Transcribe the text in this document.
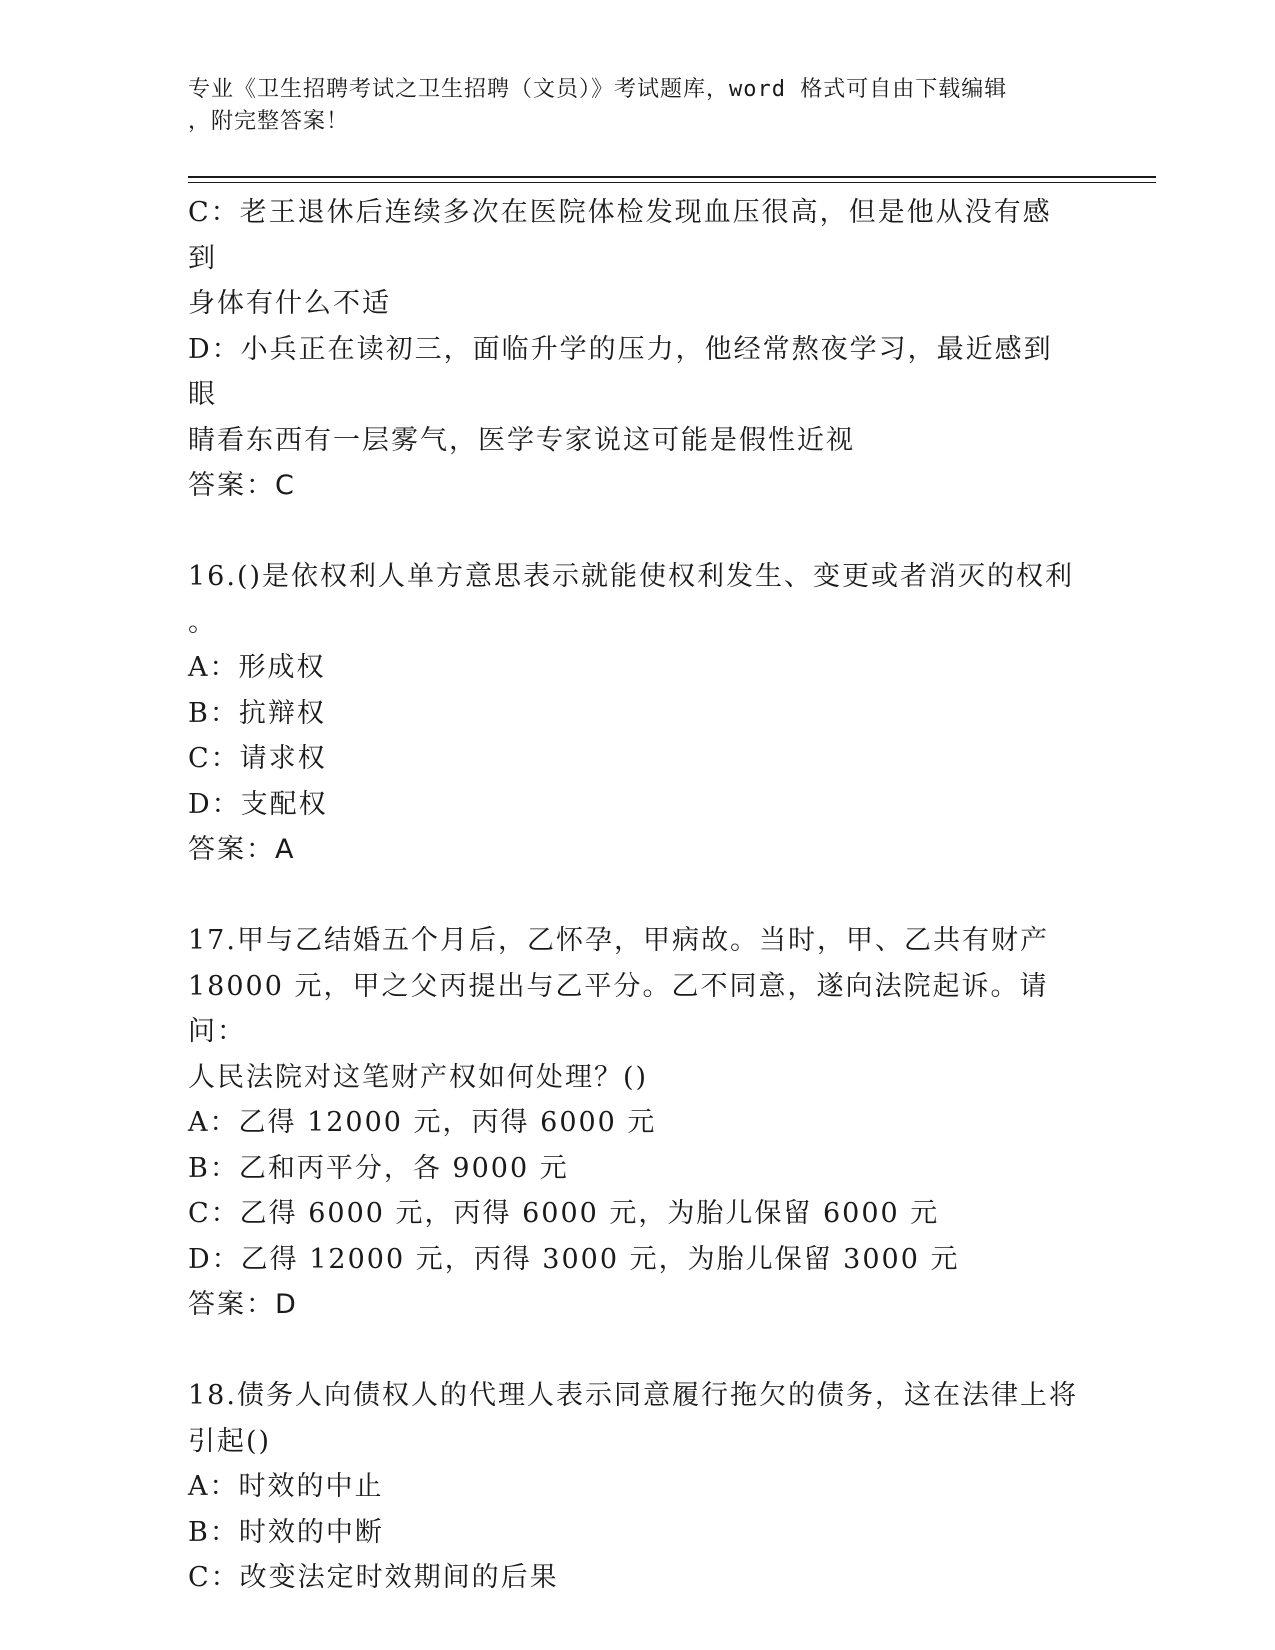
专业《卫生招聘考试之卫生招聘（文员）》考试题库，word 格式可自由下载编辑
，附完整答案！
C：老王退休后连续多次在医院体检发现血压很高，但是他从没有感到
身体有什么不适
D：小兵正在读初三，面临升学的压力，他经常熬夜学习，最近感到眼
睛看东西有一层雾气，医学专家说这可能是假性近视
答案：C
16.()是依权利人单方意思表示就能使权利发生、变更或者消灭的权利
。
A：形成权
B：抗辩权
C：请求权
D：支配权
答案：A
17.甲与乙结婚五个月后，乙怀孕，甲病故。当时，甲、乙共有财产
18000 元，甲之父丙提出与乙平分。乙不同意，遂向法院起诉。请问：
人民法院对这笔财产权如何处理？()
A：乙得 12000 元，丙得 6000 元
B：乙和丙平分，各 9000 元
C：乙得 6000 元，丙得 6000 元，为胎儿保留 6000 元
D：乙得 12000 元，丙得 3000 元，为胎儿保留 3000 元
答案：D
18.债务人向债权人的代理人表示同意履行拖欠的债务，这在法律上将
引起()
A：时效的中止
B：时效的中断
C：改变法定时效期间的后果
